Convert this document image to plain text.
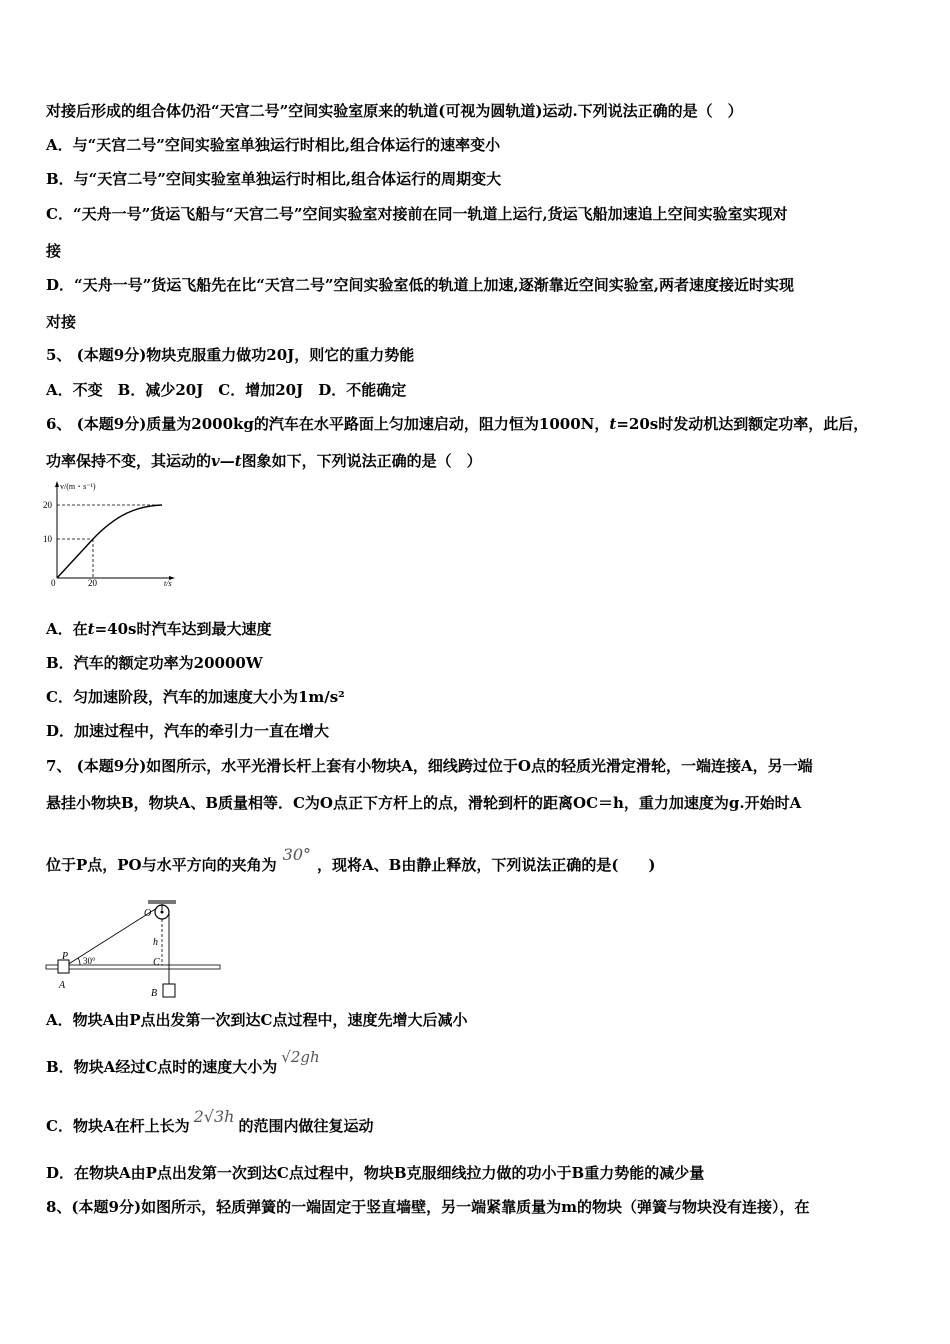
对接后形成的组合体仍沿“天宫二号”空间实验室原来的轨道(可视为圆轨道)运动.下列说法正确的是（　）
A．与“天宫二号”空间实验室单独运行时相比,组合体运行的速率变小
B．与“天宫二号”空间实验室单独运行时相比,组合体运行的周期变大
C．“天舟一号”货运飞船与“天宫二号”空间实验室对接前在同一轨道上运行,货运飞船加速追上空间实验室实现对
接
D．“天舟一号”货运飞船先在比“天宫二号”空间实验室低的轨道上加速,逐渐靠近空间实验室,两者速度接近时实现
对接
5、 (本题9分)物块克服重力做功20J，则它的重力势能
A．不变　B．减少20J　C．增加20J　D．不能确定
6、 (本题9分)质量为2000kg的汽车在水平路面上匀加速启动，阻力恒为1000N，t=20s时发动机达到额定功率，此后，
功率保持不变，其运动的v—t图象如下，下列说法正确的是（　）
v/(m・s⁻¹)
20
10
0	20	t/s
A．在t=40s时汽车达到最大速度
B．汽车的额定功率为20000W
C．匀加速阶段，汽车的加速度大小为1m/s²
D．加速过程中，汽车的牵引力一直在增大
7、 (本题9分)如图所示，水平光滑长杆上套有小物块A，细线跨过位于O点的轻质光滑定滑轮，一端连接A，另一端
悬挂小物块B，物块A、B质量相等．C为O点正下方杆上的点，滑轮到杆的距离OC＝h，重力加速度为g.开始时A
位于P点，PO与水平方向的夹角为30°，现将A、B由静止释放，下列说法正确的是(　　)
O
P
A
B
C
h
30°
A．物块A由P点出发第一次到达C点过程中，速度先增大后减小
B．物块A经过C点时的速度大小为√2gh
C．物块A在杆上长为 2√3h 的范围内做往复运动
D．在物块A由P点出发第一次到达C点过程中，物块B克服细线拉力做的功小于B重力势能的减少量
8、(本题9分)如图所示，轻质弹簧的一端固定于竖直墙壁，另一端紧靠质量为m的物块（弹簧与物块没有连接），在
